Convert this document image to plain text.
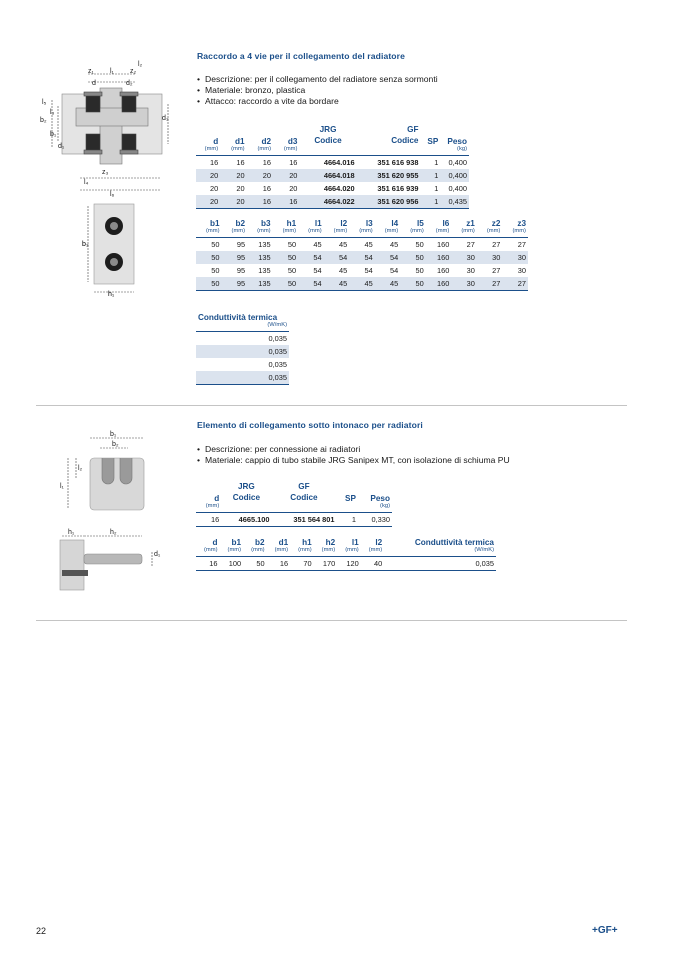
Raccordo a 4 vie per il collegamento del radiatore
• Descrizione: per il collegamento del radiatore senza sormonti
• Materiale: bronzo, plastica
• Attacco: raccordo a vite da bordare
d	d1	d2	d3	JRG
Codice	GF
Codice	SP	Peso
(mm)	(mm)	(mm)	(mm)				(kg)
16	16	16	16	4664.016	351 616 938	1	0,400
20	20	20	20	4664.018	351 620 955	1	0,400
20	20	16	20	4664.020	351 616 939	1	0,400
20	20	16	16	4664.022	351 620 956	1	0,435
b1	b2	b3	h1	l1	l2	l3	l4	l5	l6	z1	z2	z3
(mm)	(mm)	(mm)	(mm)	(mm)	(mm)	(mm)	(mm)	(mm)	(mm)	(mm)	(mm)	(mm)
50	95	135	50	45	45	45	45	50	160	27	27	27
50	95	135	50	54	54	54	54	50	160	30	30	30
50	95	135	50	54	45	54	54	50	160	30	27	30
50	95	135	50	54	45	45	45	50	160	30	27	27
Conduttività termica
(W/mK)
0,035
0,035
0,035
0,035
z₁ l₁ z₂
l₂
d	d₂
l₅
l₃
b₂
b₁
d₁
d₃
z₃
l₄
l₆
b₃
h₁
Elemento di collegamento sotto intonaco per radiatori
• Descrizione: per connessione ai radiatori
• Materiale: cappio di tubo stabile JRG Sanipex MT, con isolazione di schiuma PU
d	JRG
Codice	GF
Codice	SP	Peso
(mm)				(kg)
16	4665.100	351 564 801	1	0,330
d	b1	b2	d1	h1	h2	l1	l2	Conduttività termica
(mm)	(mm)	(mm)	(mm)	(mm)	(mm)	(mm)	(mm)	(W/mK)
16	100	50	16	70	170	120	40	0,035
b₁
b₂
l₂
l₁
h₁	h₂
d₁
22	+GF+
